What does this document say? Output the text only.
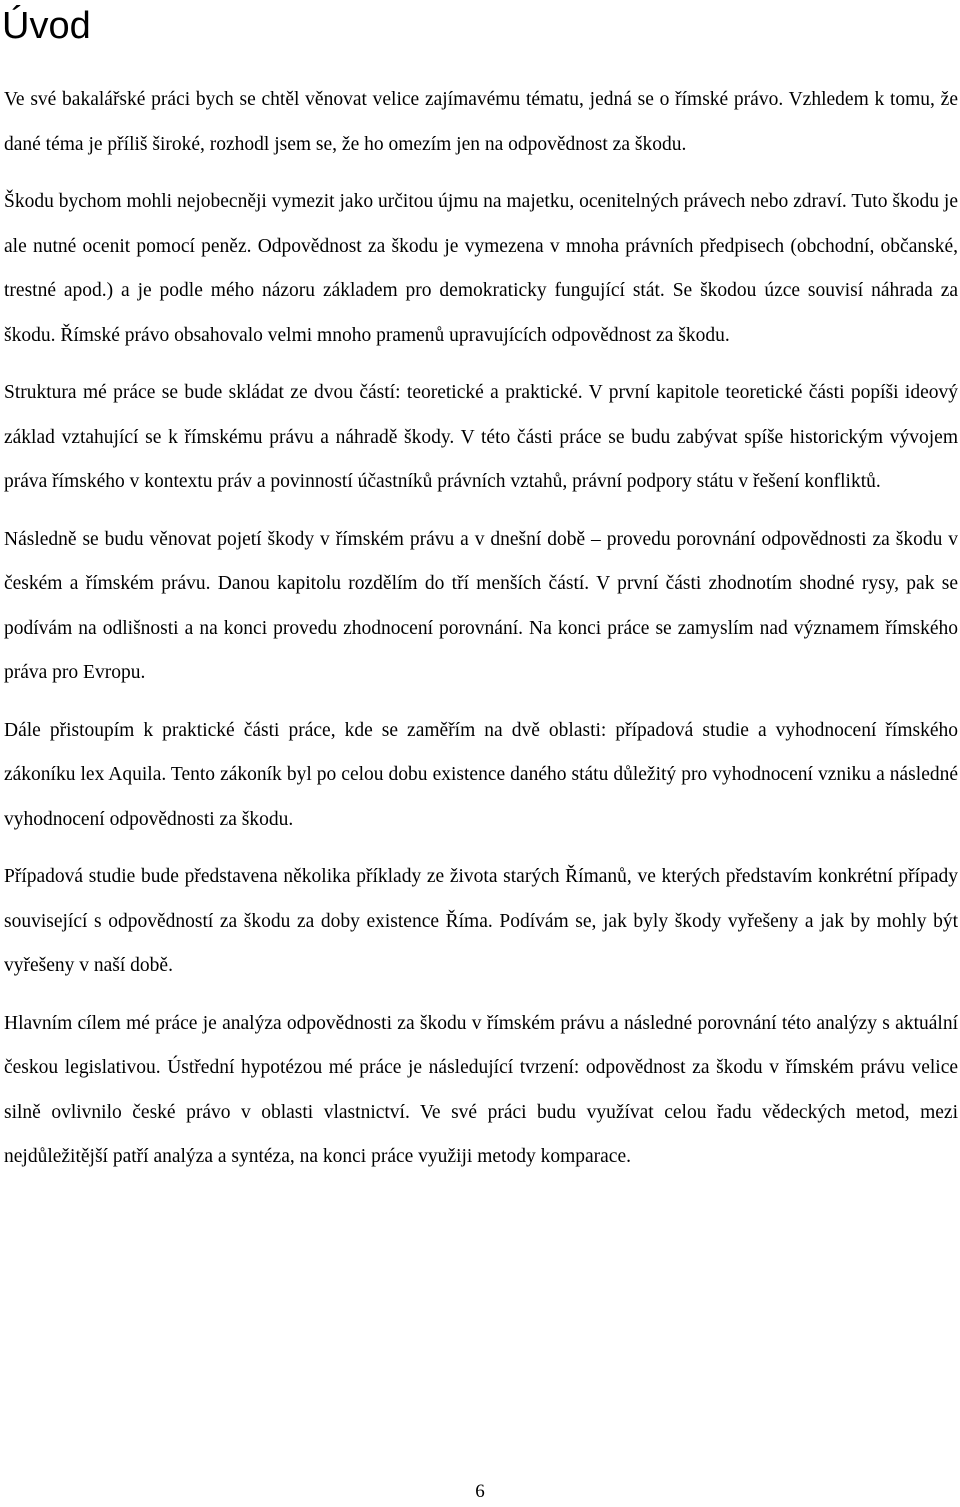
Úvod

Ve své bakalářské práci bych se chtěl věnovat velice zajímavému tématu, jedná se o římské právo. Vzhledem k tomu, že dané téma je příliš široké, rozhodl jsem se, že ho omezím jen na odpovědnost za škodu.

Škodu bychom mohli nejobecněji vymezit jako určitou újmu na majetku, ocenitelných právech nebo zdraví. Tuto škodu je ale nutné ocenit pomocí peněz. Odpovědnost za škodu je vymezena v mnoha právních předpisech (obchodní, občanské, trestné apod.) a je podle mého názoru základem pro demokraticky fungující stát. Se škodou úzce souvisí náhrada za škodu. Římské právo obsahovalo velmi mnoho pramenů upravujících odpovědnost za škodu.

Struktura mé práce se bude skládat ze dvou částí: teoretické a praktické. V první kapitole teoretické části popíši ideový základ vztahující se k římskému právu a náhradě škody. V této části práce se budu zabývat spíše historickým vývojem práva římského v kontextu práv a povinností účastníků právních vztahů, právní podpory státu v řešení konfliktů.

Následně se budu věnovat pojetí škody v římském právu a v dnešní době – provedu porovnání odpovědnosti za škodu v českém a římském právu. Danou kapitolu rozdělím do tří menších částí. V první části zhodnotím shodné rysy, pak se podívám na odlišnosti a na konci provedu zhodnocení porovnání. Na konci práce se zamyslím nad významem římského práva pro Evropu.

Dále přistoupím k praktické části práce, kde se zaměřím na dvě oblasti: případová studie a vyhodnocení římského zákoníku lex Aquila. Tento zákoník byl po celou dobu existence daného státu důležitý pro vyhodnocení vzniku a následné vyhodnocení odpovědnosti za škodu.

Případová studie bude představena několika příklady ze života starých Římanů, ve kterých představím konkrétní případy související s odpovědností za škodu za doby existence Říma. Podívám se, jak byly škody vyřešeny a jak by mohly být vyřešeny v naší době.

Hlavním cílem mé práce je analýza odpovědnosti za škodu v římském právu a následné porovnání této analýzy s aktuální českou legislativou. Ústřední hypotézou mé práce je následující tvrzení: odpovědnost za škodu v římském právu velice silně ovlivnilo české právo v oblasti vlastnictví. Ve své práci budu využívat celou řadu vědeckých metod, mezi nejdůležitější patří analýza a syntéza, na konci práce využiji metody komparace.

6
